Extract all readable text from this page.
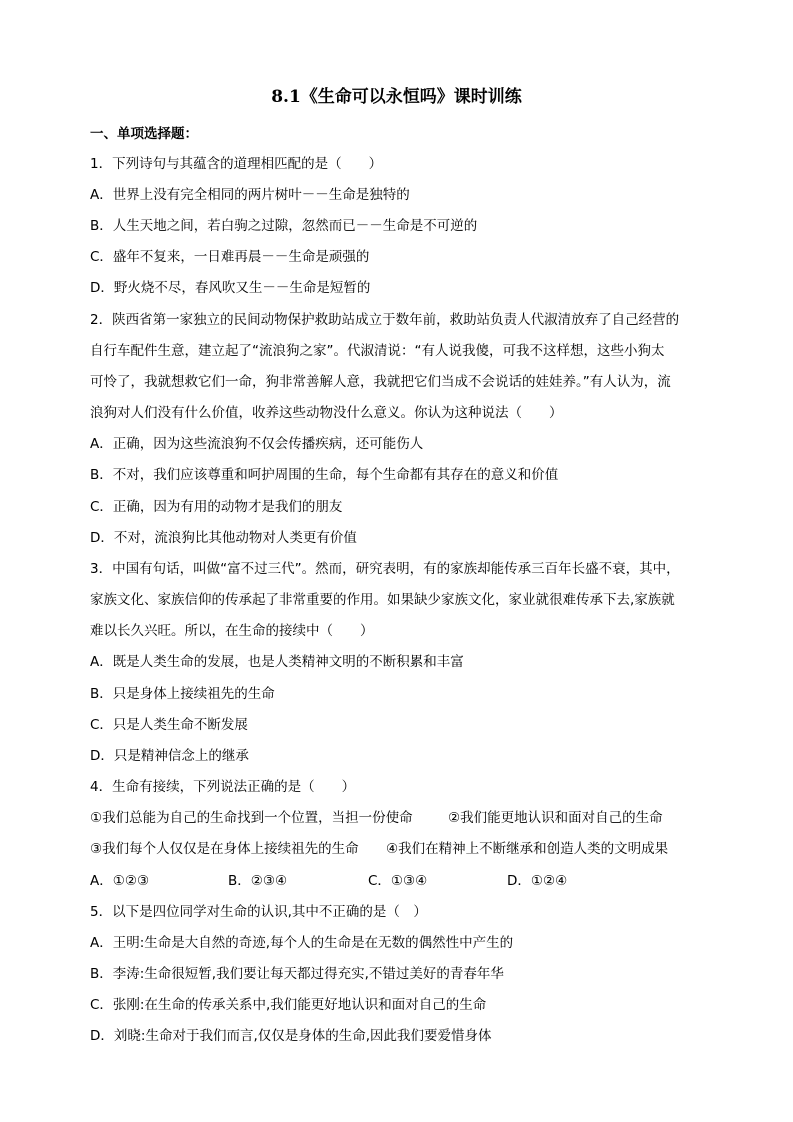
8.1《生命可以永恒吗》课时训练
一、单项选择题：
1．下列诗句与其蕴含的道理相匹配的是（　　）
A．世界上没有完全相同的两片树叶－－生命是独特的
B．人生天地之间，若白驹之过隙，忽然而已－－生命是不可逆的
C．盛年不复来，一日难再晨－－生命是顽强的
D．野火烧不尽，春风吹又生－－生命是短暂的
2．陕西省第一家独立的民间动物保护救助站成立于数年前，救助站负责人代淑清放弃了自己经营的
自行车配件生意，建立起了“流浪狗之家”。代淑清说：“有人说我傻，可我不这样想，这些小狗太
可怜了，我就想救它们一命，狗非常善解人意，我就把它们当成不会说话的娃娃养。”有人认为，流
浪狗对人们没有什么价值，收养这些动物没什么意义。你认为这种说法（　　）
A．正确，因为这些流浪狗不仅会传播疾病，还可能伤人
B．不对，我们应该尊重和呵护周围的生命，每个生命都有其存在的意义和价值
C．正确，因为有用的动物才是我们的朋友
D．不对，流浪狗比其他动物对人类更有价值
3．中国有句话，叫做“富不过三代”。然而，研究表明，有的家族却能传承三百年长盛不衰，其中，
家族文化、家族信仰的传承起了非常重要的作用。如果缺少家族文化，家业就很难传承下去,家族就
难以长久兴旺。所以，在生命的接续中（　　）
A．既是人类生命的发展，也是人类精神文明的不断积累和丰富
B．只是身体上接续祖先的生命
C．只是人类生命不断发展
D．只是精神信念上的继承
4．生命有接续，下列说法正确的是（　　）
①我们总能为自己的生命找到一个位置，当担一份使命	②我们能更地认识和面对自己的生命
③我们每个人仅仅是在身体上接续祖先的生命 ④我们在精神上不断继承和创造人类的文明成果
A．①②③	B．②③④	C．①③④	D．①②④
5．以下是四位同学对生命的认识,其中不正确的是（　）
A．王明:生命是大自然的奇迹,每个人的生命是在无数的偶然性中产生的
B．李涛:生命很短暂,我们要让每天都过得充实,不错过美好的青春年华
C．张刚:在生命的传承关系中,我们能更好地认识和面对自己的生命
D．刘晓:生命对于我们而言,仅仅是身体的生命,因此我们要爱惜身体
